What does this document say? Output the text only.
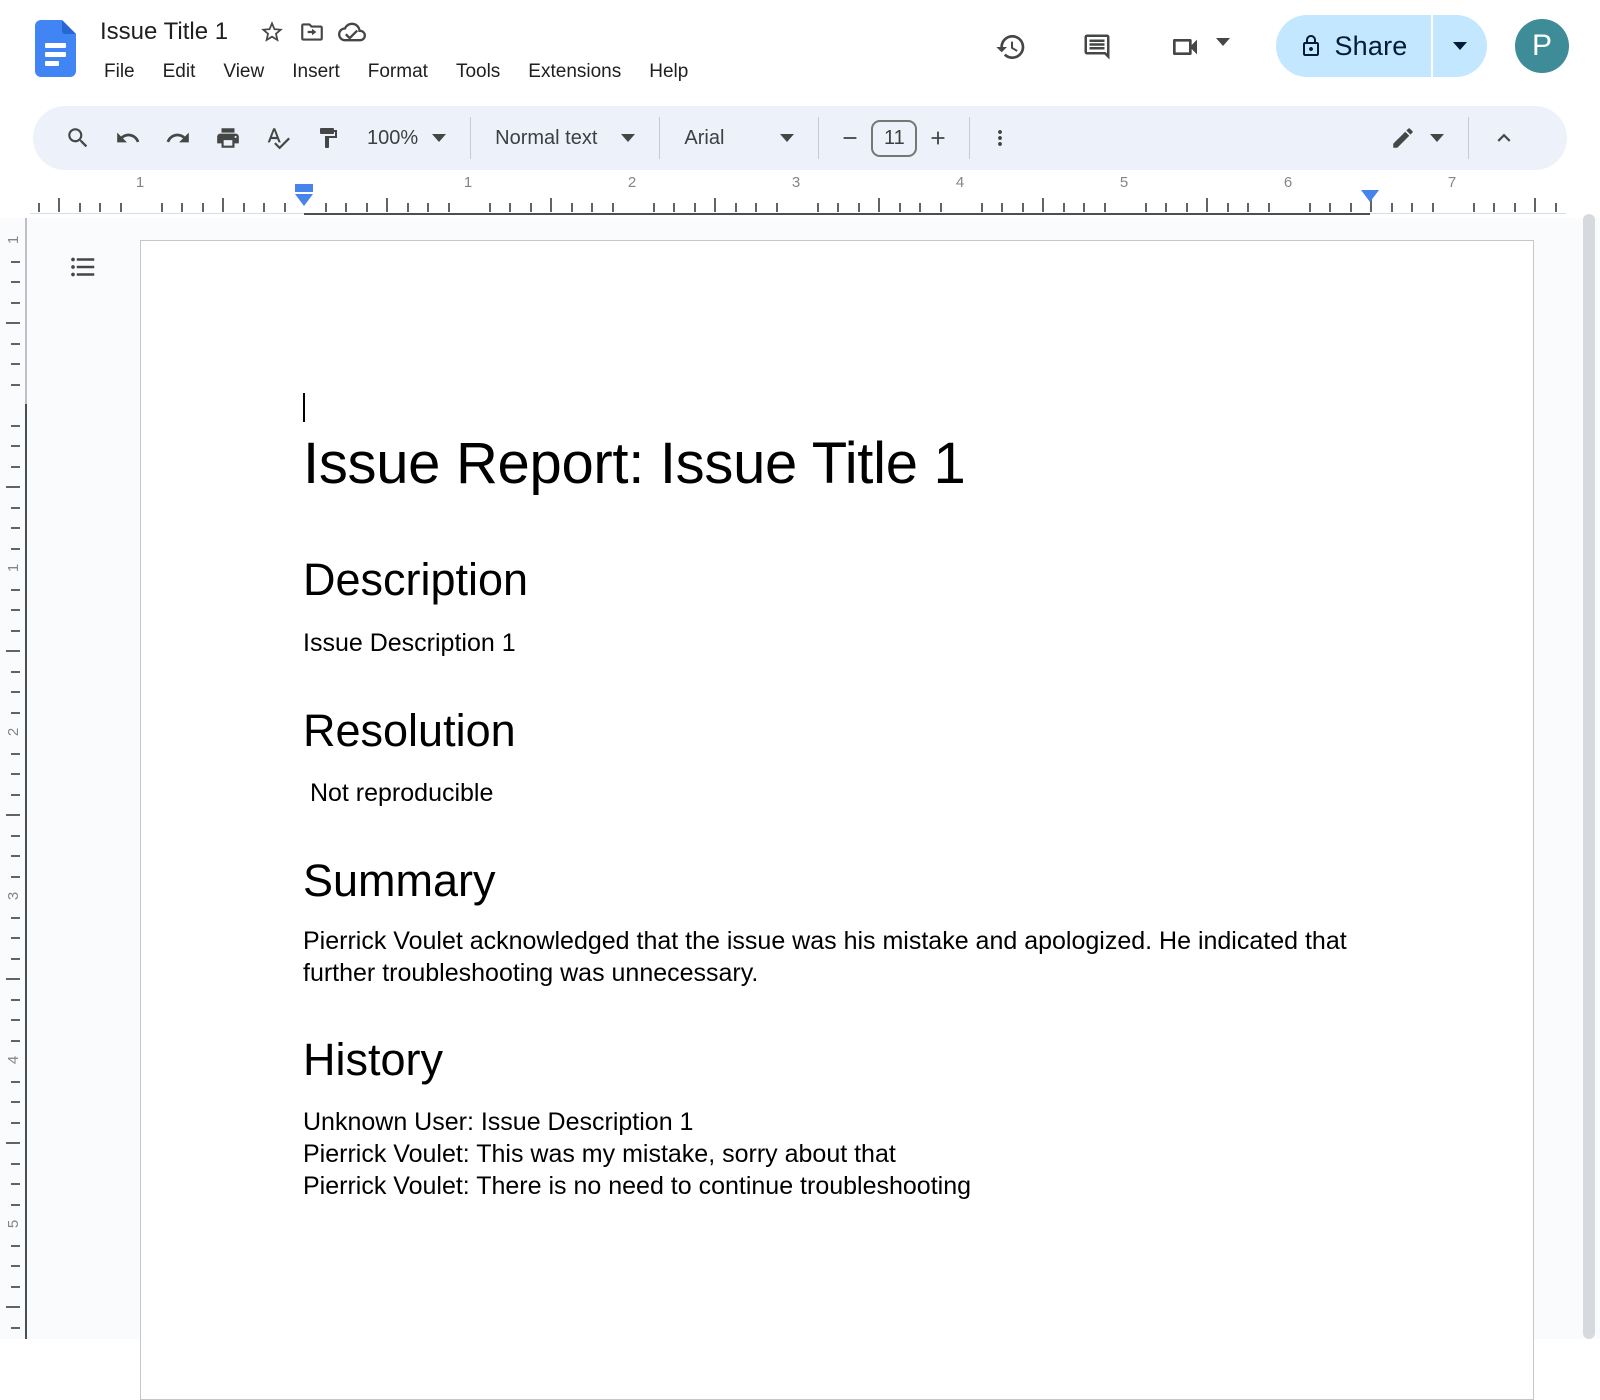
Issue Title 1
File	Edit	View	Insert	Format	Tools	Extensions	Help
Share	P
100%	Normal text	Arial	11
1	1	2	3	4	5	6	7
1
1
2
3
4
5
Issue Report: Issue Title 1
Description

Issue Description 1

Resolution

Not reproducible

Summary

Pierrick Voulet acknowledged that the issue was his mistake and apologized. He indicated that further troubleshooting was unnecessary.

History
Unknown User: Issue Description 1
Pierrick Voulet: This was my mistake, sorry about that
Pierrick Voulet: There is no need to continue troubleshooting
